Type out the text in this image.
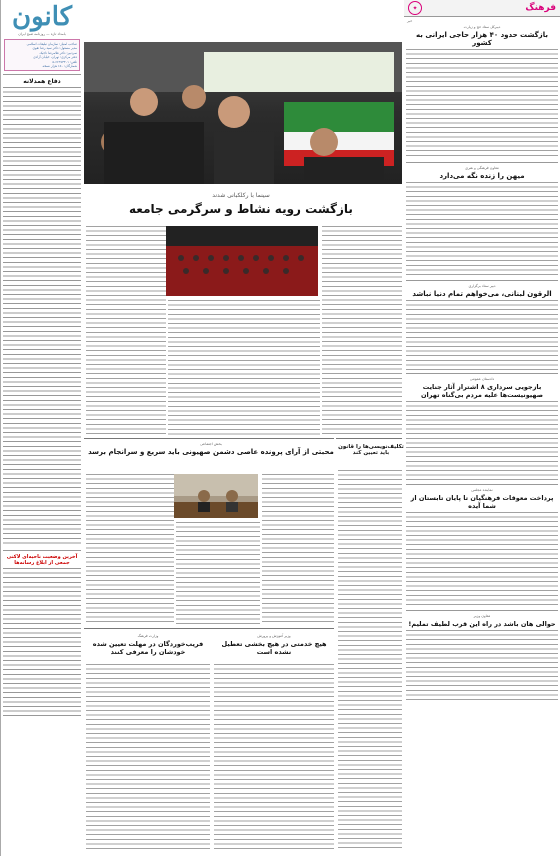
کانون
بامداد تازه — روزنامه صبح ایران
صاحب امتیاز: سازمان تبلیغات اسلامی
مدیر مسئول: دکتر سید رضا تقوی
سردبیر: دکتر غلامرضا تاجیک
دفتر مرکزی: تهران، خیابان آزادی
تلفن: ۶۶۹۷۳۳۰۱-۵
شمارگان: ۱۵۰ هزار نسخه
دفاع همدلانه
آخرین وضعیت ناحیه‌ای لاکنی جمعی از ابلاغ رسانه‌ها
سینما با رکلکبانی شدند
بازگشت رویه نشاط و سرگرمی جامعه
بخش اجتماعی
محبتی از آرای پرونده عاصی دشمن صهیونی باید سریع و سرانجام برسد
تکلیف‌نویسی‌ها را قانون باید تعیین کند
وزیر آموزش و پرورش
هیچ خدمتی در هیچ بخشی تعطیل نشده است
وزارت فرهنگ
فریب‌خوردگان در مهلت تعیین شده خودشان را معرفی کنند
فرهنگ
✦
خبر
دبیرکل ستاد حج و زیارت
بازگشت حدود ۴۰ هزار حاجی ایرانی به کشور
معاون فرهنگی و هنری
میهن را زنده نگه می‌دارد
دبیر ستاد برگزاری
الرقون لبنانی، می‌خواهم تمام دنیا نباشد
دادستان عمومی
بازجویی سرداری ۸ اشتراز آثار جنایت صهیونیست‌ها علیه مردم بی‌گناه تهران
نماینده مجلس
پرداخت معوقات فرهنگیان تا پایان تابستان از شما آیده
معاون وزیر
حوالی هان باشد در راه این قرب لطیف تملیم!
